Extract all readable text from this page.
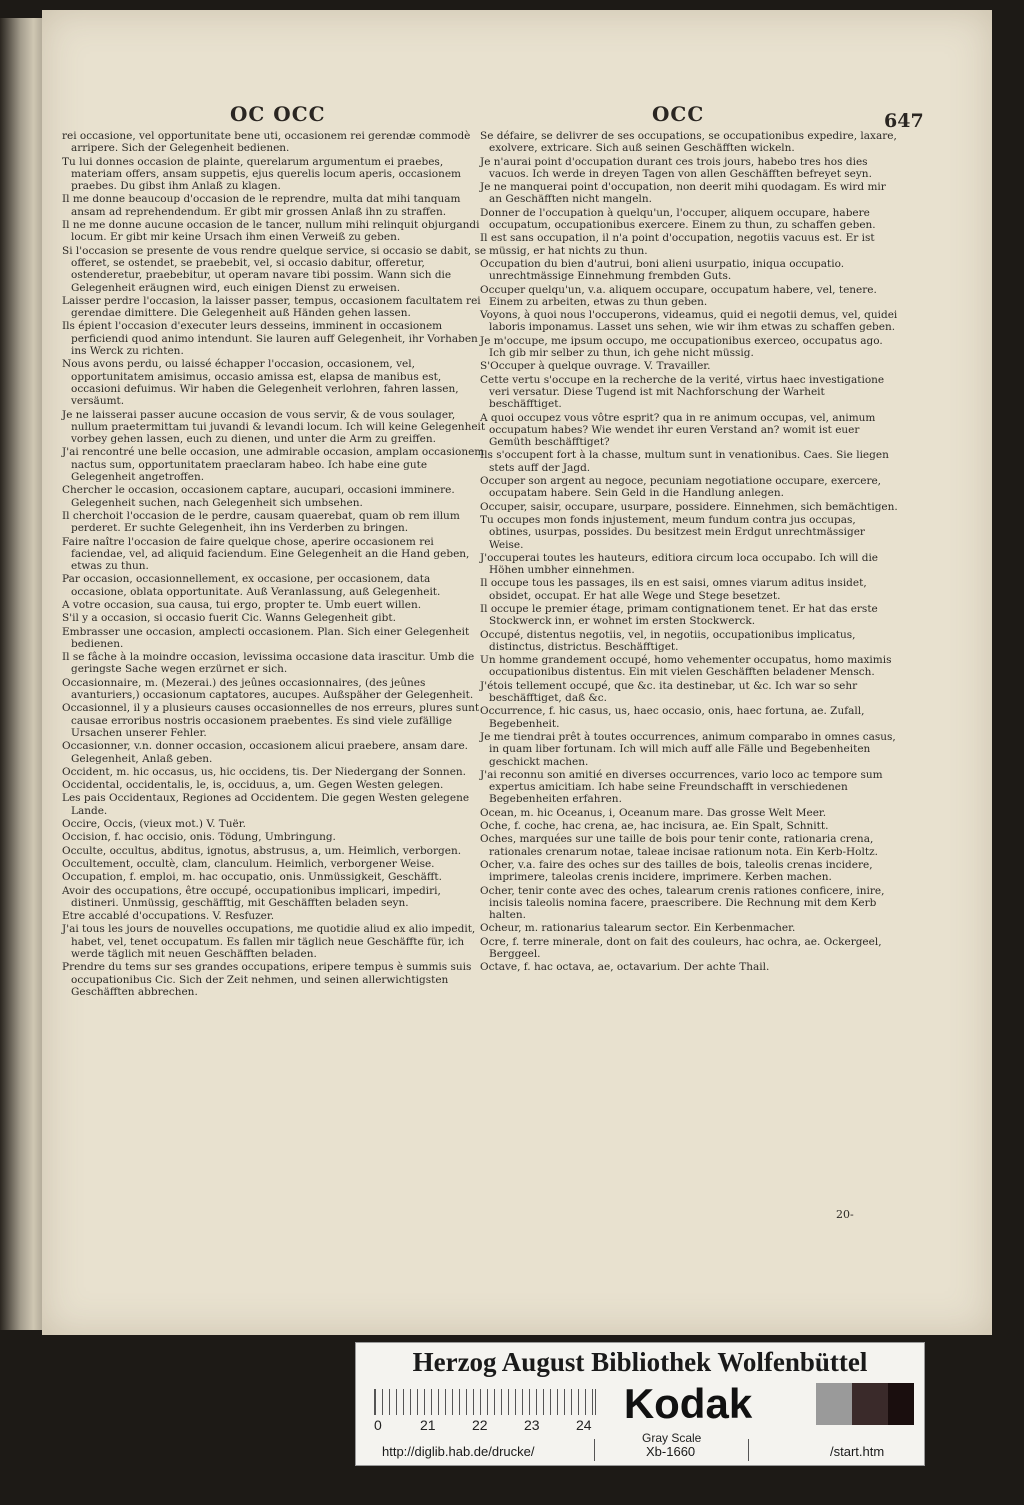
OC OCC	OCC	647
rei occasione, vel opportunitate bene uti, occasionem rei gerendæ commodè arripere. Sich der Gelegenheit bedienen.
Tu lui donnes occasion de plainte, querelarum argumentum ei praebes, materiam offers, ansam suppetis, ejus querelis locum aperis, occasionem praebes. Du gibst ihm Anlaß zu klagen.
Il me donne beaucoup d'occasion de le reprendre, multa dat mihi tanquam ansam ad reprehendendum. Er gibt mir grossen Anlaß ihn zu straffen.
Il ne me donne aucune occasion de le tancer, nullum mihi relinquit objurgandi locum. Er gibt mir keine Ursach ihm einen Verweiß zu geben.
Si l'occasion se presente de vous rendre quelque service, si occasio se dabit, se offeret, se ostendet, se praebebit, vel, si occasio dabitur, offeretur, ostenderetur, praebebitur, ut operam navare tibi possim. Wann sich die Gelegenheit eräugnen wird, euch einigen Dienst zu erweisen.
Laisser perdre l'occasion, la laisser passer, tempus, occasionem facultatem rei gerendae dimittere. Die Gelegenheit auß Händen gehen lassen.
Ils épient l'occasion d'executer leurs desseins, imminent in occasionem perficiendi quod animo intendunt. Sie lauren auff Gelegenheit, ihr Vorhaben ins Werck zu richten.
Nous avons perdu, ou laissé échapper l'occasion, occasionem, vel, opportunitatem amisimus, occasio amissa est, elapsa de manibus est, occasioni defuimus. Wir haben die Gelegenheit verlohren, fahren lassen, versäumt.
Je ne laisserai passer aucune occasion de vous servir, & de vous soulager, nullum praetermittam tui juvandi & levandi locum. Ich will keine Gelegenheit vorbey gehen lassen, euch zu dienen, und unter die Arm zu greiffen.
J'ai rencontré une belle occasion, une admirable occasion, amplam occasionem nactus sum, opportunitatem praeclaram habeo. Ich habe eine gute Gelegenheit angetroffen.
Chercher le occasion, occasionem captare, aucupari, occasioni imminere. Gelegenheit suchen, nach Gelegenheit sich umbsehen.
Il cherchoit l'occasion de le perdre, causam quaerebat, quam ob rem illum perderet. Er suchte Gelegenheit, ihn ins Verderben zu bringen.
Faire naître l'occasion de faire quelque chose, aperire occasionem rei faciendae, vel, ad aliquid faciendum. Eine Gelegenheit an die Hand geben, etwas zu thun.
Par occasion, occasionnellement, ex occasione, per occasionem, data occasione, oblata opportunitate. Auß Veranlassung, auß Gelegenheit.
A votre occasion, sua causa, tui ergo, propter te. Umb euert willen.
S'il y a occasion, si occasio fuerit Cic. Wanns Gelegenheit gibt.
Embrasser une occasion, amplecti occasionem. Plan. Sich einer Gelegenheit bedienen.
Il se fâche à la moindre occasion, levissima occasione data irascitur. Umb die geringste Sache wegen erzürnet er sich.
Occasionnaire, m. (Mezerai.) des jeûnes occasionnaires, (des jeûnes avanturiers,) occasionum captatores, aucupes. Außspäher der Gelegenheit.
Occasionnel, il y a plusieurs causes occasionnelles de nos erreurs, plures sunt causae erroribus nostris occasionem praebentes. Es sind viele zufällige Ursachen unserer Fehler.
Occasionner, v.n. donner occasion, occasionem alicui praebere, ansam dare. Gelegenheit, Anlaß geben.
Occident, m. hic occasus, us, hic occidens, tis. Der Niedergang der Sonnen.
Occidental, occidentalis, le, is, occiduus, a, um. Gegen Westen gelegen.
Les pais Occidentaux, Regiones ad Occidentem. Die gegen Westen gelegene Lande.
Occire, Occis, (vieux mot.) V. Tuër.
Occision, f. hac occisio, onis. Tödung, Umbringung.
Occulte, occultus, abditus, ignotus, abstrusus, a, um. Heimlich, verborgen.
Occultement, occultè, clam, clanculum. Heimlich, verborgener Weise.
Occupation, f. emploi, m. hac occupatio, onis. Unmüssigkeit, Geschäfft.
Avoir des occupations, être occupé, occupationibus implicari, impediri, distineri. Unmüssig, geschäfftig, mit Geschäfften beladen seyn.
Etre accablé d'occupations. V. Resfuzer.
J'ai tous les jours de nouvelles occupations, me quotidie aliud ex alio impedit, habet, vel, tenet occupatum. Es fallen mir täglich neue Geschäffte für, ich werde täglich mit neuen Geschäfften beladen.
Prendre du tems sur ses grandes occupations, eripere tempus è summis suis occupationibus Cic. Sich der Zeit nehmen, und seinen allerwichtigsten Geschäfften abbrechen.
Se défaire, se delivrer de ses occupations, se occupationibus expedire, laxare, exolvere, extricare. Sich auß seinen Geschäfften wickeln.
Je n'aurai point d'occupation durant ces trois jours, habebo tres hos dies vacuos. Ich werde in dreyen Tagen von allen Geschäfften befreyet seyn.
Je ne manquerai point d'occupation, non deerit mihi quodagam. Es wird mir an Geschäfften nicht mangeln.
Donner de l'occupation à quelqu'un, l'occuper, aliquem occupare, habere occupatum, occupationibus exercere. Einem zu thun, zu schaffen geben.
Il est sans occupation, il n'a point d'occupation, negotiis vacuus est. Er ist müssig, er hat nichts zu thun.
Occupation du bien d'autrui, boni alieni usurpatio, iniqua occupatio. unrechtmässige Einnehmung frembden Guts.
Occuper quelqu'un, v.a. aliquem occupare, occupatum habere, vel, tenere. Einem zu arbeiten, etwas zu thun geben.
Voyons, à quoi nous l'occuperons, videamus, quid ei negotii demus, vel, quidei laboris imponamus. Lasset uns sehen, wie wir ihm etwas zu schaffen geben.
Je m'occupe, me ipsum occupo, me occupationibus exerceo, occupatus ago. Ich gib mir selber zu thun, ich gehe nicht müssig.
S'Occuper à quelque ouvrage. V. Travailler.
Cette vertu s'occupe en la recherche de la verité, virtus haec investigatione veri versatur. Diese Tugend ist mit Nachforschung der Warheit beschäfftiget.
A quoi occupez vous vôtre esprit? qua in re animum occupas, vel, animum occupatum habes? Wie wendet ihr euren Verstand an? womit ist euer Gemüth beschäfftiget?
Ils s'occupent fort à la chasse, multum sunt in venationibus. Caes. Sie liegen stets auff der Jagd.
Occuper son argent au negoce, pecuniam negotiatione occupare, exercere, occupatam habere. Sein Geld in die Handlung anlegen.
Occuper, saisir, occupare, usurpare, possidere. Einnehmen, sich bemächtigen.
Tu occupes mon fonds injustement, meum fundum contra jus occupas, obtines, usurpas, possides. Du besitzest mein Erdgut unrechtmässiger Weise.
J'occuperai toutes les hauteurs, editiora circum loca occupabo. Ich will die Höhen umbher einnehmen.
Il occupe tous les passages, ils en est saisi, omnes viarum aditus insidet, obsidet, occupat. Er hat alle Wege und Stege besetzet.
Il occupe le premier étage, primam contignationem tenet. Er hat das erste Stockwerck inn, er wohnet im ersten Stockwerck.
Occupé, distentus negotiis, vel, in negotiis, occupationibus implicatus, distinctus, districtus. Beschäfftiget.
Un homme grandement occupé, homo vehementer occupatus, homo maximis occupationibus distentus. Ein mit vielen Geschäfften beladener Mensch.
J'étois tellement occupé, que &c. ita destinebar, ut &c. Ich war so sehr beschäfftiget, daß &c.
Occurrence, f. hic casus, us, haec occasio, onis, haec fortuna, ae. Zufall, Begebenheit.
Je me tiendrai prêt à toutes occurrences, animum comparabo in omnes casus, in quam liber fortunam. Ich will mich auff alle Fälle und Begebenheiten geschickt machen.
J'ai reconnu son amitié en diverses occurrences, vario loco ac tempore sum expertus amicitiam. Ich habe seine Freundschafft in verschiedenen Begebenheiten erfahren.
Ocean, m. hic Oceanus, i, Oceanum mare. Das grosse Welt Meer.
Oche, f. coche, hac crena, ae, hac incisura, ae. Ein Spalt, Schnitt.
Oches, marquées sur une taille de bois pour tenir conte, rationaria crena, rationales crenarum notae, taleae incisae rationum nota. Ein Kerb-Holtz.
Ocher, v.a. faire des oches sur des tailles de bois, taleolis crenas incidere, imprimere, taleolas crenis incidere, imprimere. Kerben machen.
Ocher, tenir conte avec des oches, talearum crenis rationes conficere, inire, incisis taleolis nomina facere, praescribere. Die Rechnung mit dem Kerb halten.
Ocheur, m. rationarius talearum sector. Ein Kerbenmacher.
Ocre, f. terre minerale, dont on fait des couleurs, hac ochra, ae. Ockergeel, Berggeel.
Octave, f. hac octava, ae, octavarium. Der achte Thail.
20-
Herzog August Bibliothek Wolfenbüttel
0	21	22	23	24 Kodak
Gray Scale
http://diglib.hab.de/drucke/	Xb-1660	/start.htm
